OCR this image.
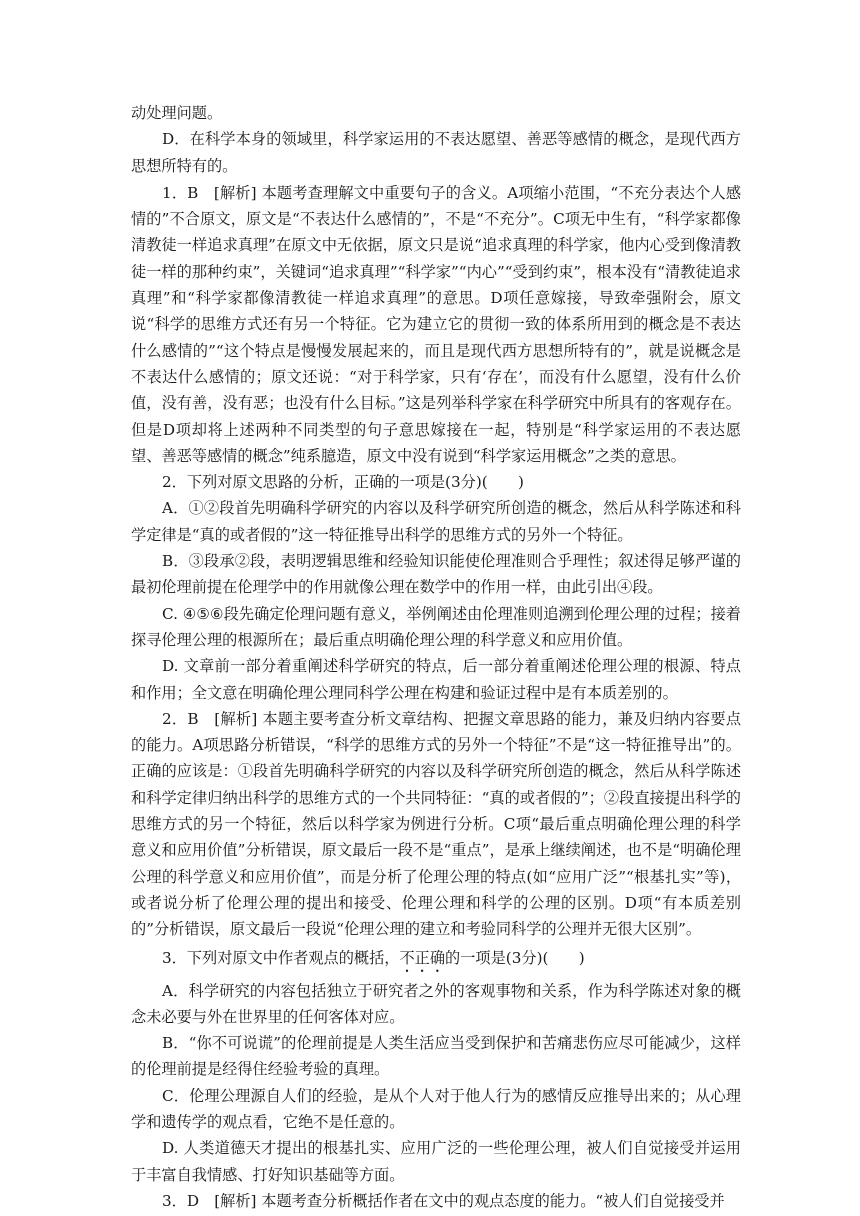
动处理问题。

D．在科学本身的领域里，科学家运用的不表达愿望、善恶等感情的概念，是现代西方思想所特有的。

1．B　 [解析] 本题考查理解文中重要句子的含义。A项缩小范围，“不充分表达个人感情的”不合原文，原文是“不表达什么感情的”，不是“不充分”。C项无中生有，“科学家都像清教徒一样追求真理”在原文中无依据，原文只是说“追求真理的科学家，他内心受到像清教徒一样的那种约束”，关键词“追求真理”“科学家”“内心”“受到约束”，根本没有“清教徒追求真理”和“科学家都像清教徒一样追求真理”的意思。D项任意嫁接，导致牵强附会，原文说“科学的思维方式还有另一个特征。它为建立它的贯彻一致的体系所用到的概念是不表达什么感情的”“这个特点是慢慢发展起来的，而且是现代西方思想所特有的”，就是说概念是不表达什么感情的；原文还说：“对于科学家，只有‘存在’，而没有什么愿望，没有什么价值，没有善，没有恶；也没有什么目标。”这是列举科学家在科学研究中所具有的客观存在。但是D项却将上述两种不同类型的句子意思嫁接在一起，特别是“科学家运用的不表达愿望、善恶等感情的概念”纯系臆造，原文中没有说到“科学家运用概念”之类的意思。

2．下列对原文思路的分析，正确的一项是(3分)(　　)

A．①②段首先明确科学研究的内容以及科学研究所创造的概念，然后从科学陈述和科学定律是“真的或者假的”这一特征推导出科学的思维方式的另外一个特征。

B．③段承②段，表明逻辑思维和经验知识能使伦理准则合乎理性；叙述得足够严谨的最初伦理前提在伦理学中的作用就像公理在数学中的作用一样，由此引出④段。

C. ④⑤⑥段先确定伦理问题有意义，举例阐述由伦理准则追溯到伦理公理的过程；接着探寻伦理公理的根源所在；最后重点明确伦理公理的科学意义和应用价值。

D. 文章前一部分着重阐述科学研究的特点，后一部分着重阐述伦理公理的根源、特点和作用；全文意在明确伦理公理同科学公理在构建和验证过程中是有本质差别的。

2．B　 [解析] 本题主要考查分析文章结构、把握文章思路的能力，兼及归纳内容要点的能力。A项思路分析错误，“科学的思维方式的另外一个特征”不是“这一特征推导出”的。正确的应该是：①段首先明确科学研究的内容以及科学研究所创造的概念，然后从科学陈述和科学定律归纳出科学的思维方式的一个共同特征：“真的或者假的”；②段直接提出科学的思维方式的另一个特征，然后以科学家为例进行分析。C项“最后重点明确伦理公理的科学意义和应用价值”分析错误，原文最后一段不是“重点”，是承上继续阐述，也不是“明确伦理公理的科学意义和应用价值”，而是分析了伦理公理的特点(如“应用广泛”“根基扎实”等)，或者说分析了伦理公理的提出和接受、伦理公理和科学的公理的区别。D项“有本质差别的”分析错误，原文最后一段说“伦理公理的建立和考验同科学的公理并无很大区别”。

3．下列对原文中作者观点的概括，不正确的一项是(3分)(　　)

A．科学研究的内容包括独立于研究者之外的客观事物和关系，作为科学陈述对象的概念未必要与外在世界里的任何客体对应。

B．“你不可说谎”的伦理前提是人类生活应当受到保护和苦痛悲伤应尽可能减少，这样的伦理前提是经得住经验考验的真理。

C．伦理公理源自人们的经验，是从个人对于他人行为的感情反应推导出来的；从心理学和遗传学的观点看，它绝不是任意的。

D. 人类道德天才提出的根基扎实、应用广泛的一些伦理公理，被人们自觉接受并运用于丰富自我情感、打好知识基础等方面。

3．D　 [解析] 本题考查分析概括作者在文中的观点态度的能力。“被人们自觉接受并
